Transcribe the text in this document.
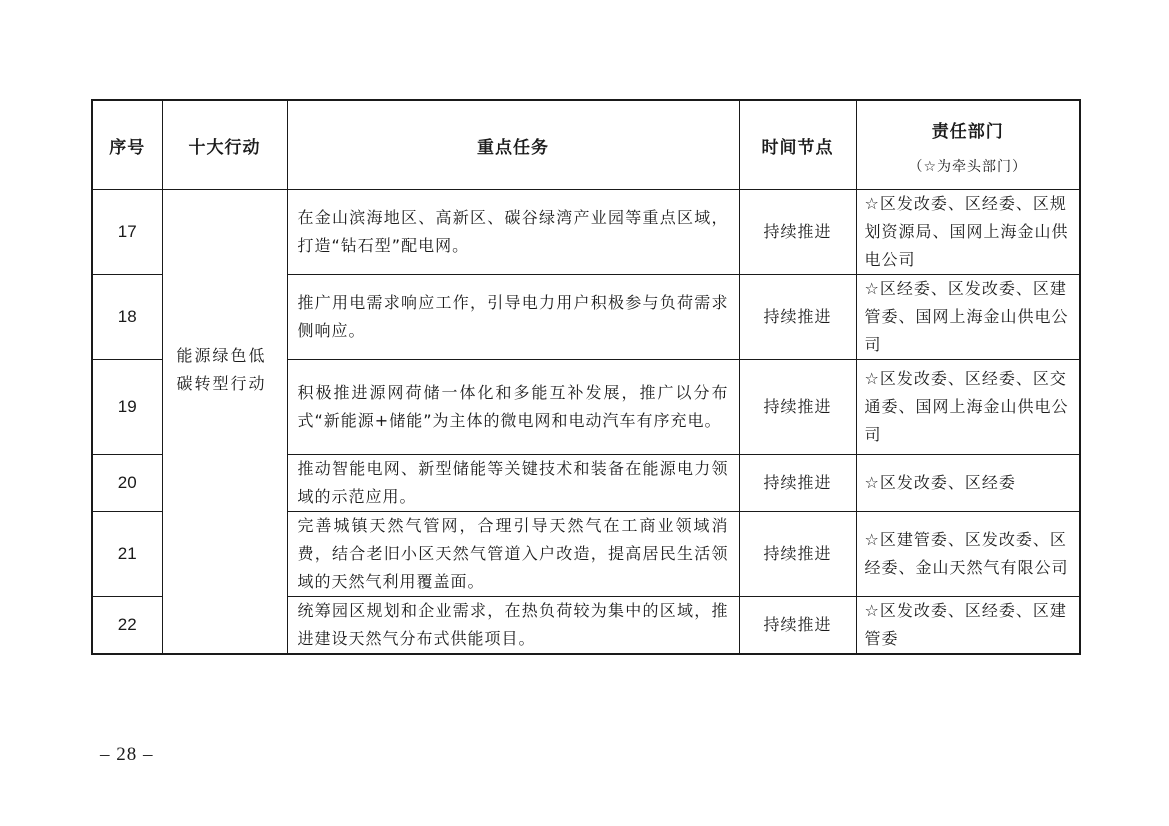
序号	十大行动	重点任务	时间节点	责任部门
（☆为牵头部门）

17	能源绿色低碳转型行动	在金山滨海地区、高新区、碳谷绿湾产业园等重点区域，打造“钻石型”配电网。	持续推进	☆区发改委、区经委、区规划资源局、国网上海金山供电公司
18		推广用电需求响应工作，引导电力用户积极参与负荷需求侧响应。	持续推进	☆区经委、区发改委、区建管委、国网上海金山供电公司
19		积极推进源网荷储一体化和多能互补发展，推广以分布式“新能源+储能”为主体的微电网和电动汽车有序充电。	持续推进	☆区发改委、区经委、区交通委、国网上海金山供电公司
20		推动智能电网、新型储能等关键技术和装备在能源电力领域的示范应用。	持续推进	☆区发改委、区经委
21		完善城镇天然气管网，合理引导天然气在工商业领域消费，结合老旧小区天然气管道入户改造，提高居民生活领域的天然气利用覆盖面。	持续推进	☆区建管委、区发改委、区经委、金山天然气有限公司
22		统筹园区规划和企业需求，在热负荷较为集中的区域，推进建设天然气分布式供能项目。	持续推进	☆区发改委、区经委、区建管委
– 28 –
